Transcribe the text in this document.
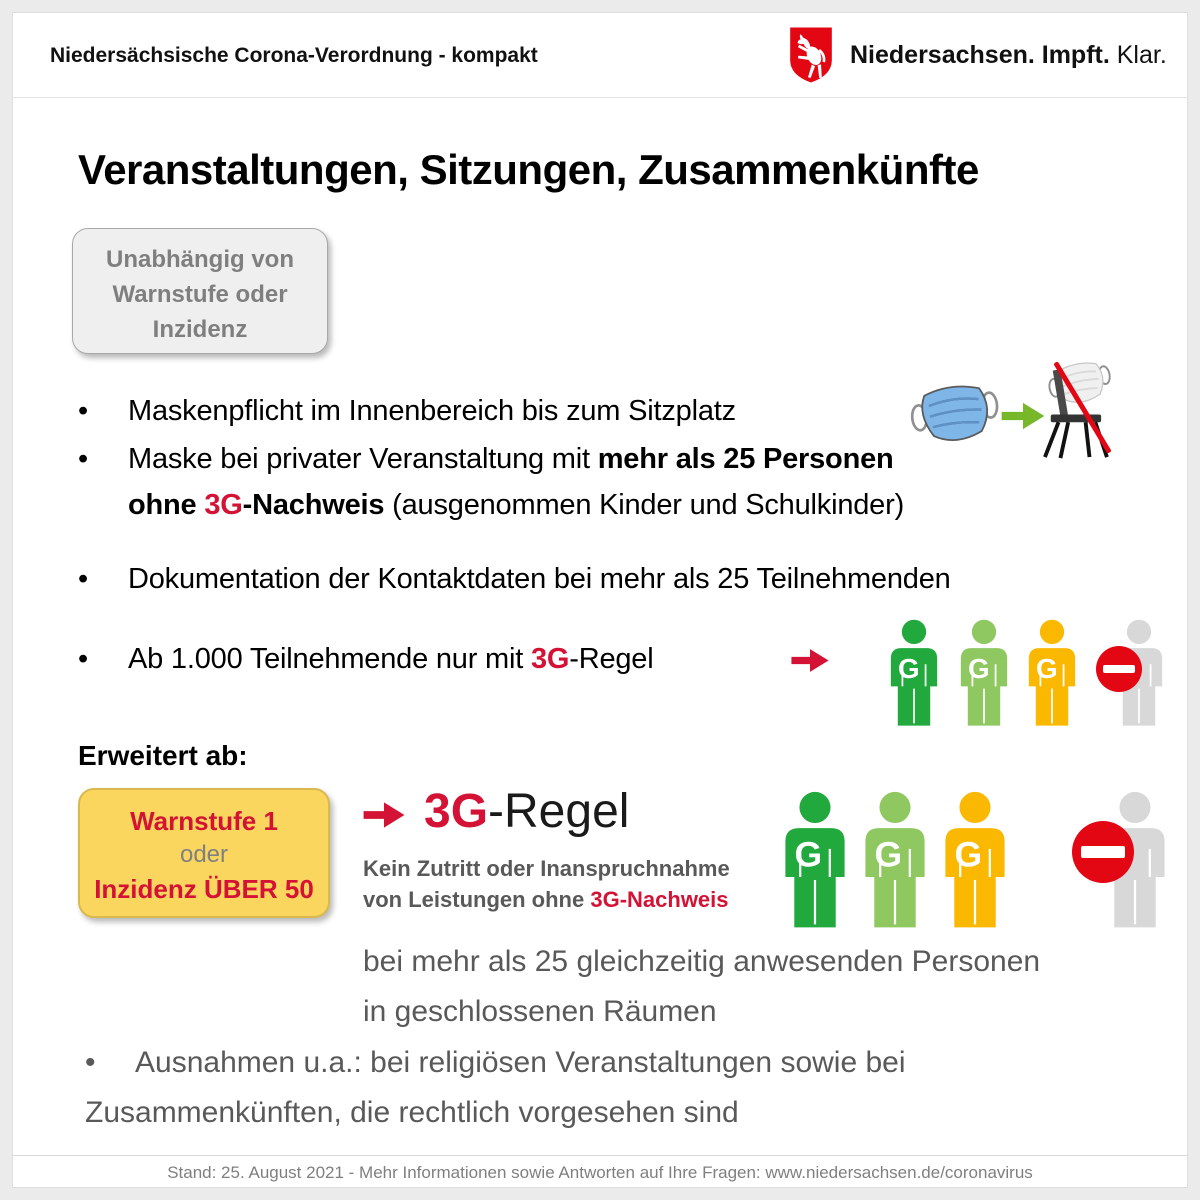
Niedersächsische Corona-Verordnung - kompakt	Niedersachsen. Impft. Klar.
Veranstaltungen, Sitzungen, Zusammenkünfte
Unabhängig von
Warnstufe oder
Inzidenz
•Maskenpflicht im Innenbereich bis zum Sitzplatz
•Maske bei privater Veranstaltung mit mehr als 25 Personen
ohne 3G-Nachweis (ausgenommen Kinder und Schulkinder)
•Dokumentation der Kontaktdaten bei mehr als 25 Teilnehmenden
•Ab 1.000 Teilnehmende nur mit 3G-Regel	G G G
Erweitert ab:
Warnstufe 1
oder
Inzidenz ÜBER 50
3G-Regel
Kein Zutritt oder Inanspruchnahme
von Leistungen ohne 3G-Nachweis
G G G
bei mehr als 25 gleichzeitig anwesenden Personen
in geschlossenen Räumen
•Ausnahmen u.a.: bei religiösen Veranstaltungen sowie bei
Zusammenkünften, die rechtlich vorgesehen sind
Stand: 25. August 2021 - Mehr Informationen sowie Antworten auf Ihre Fragen: www.niedersachsen.de/coronavirus
